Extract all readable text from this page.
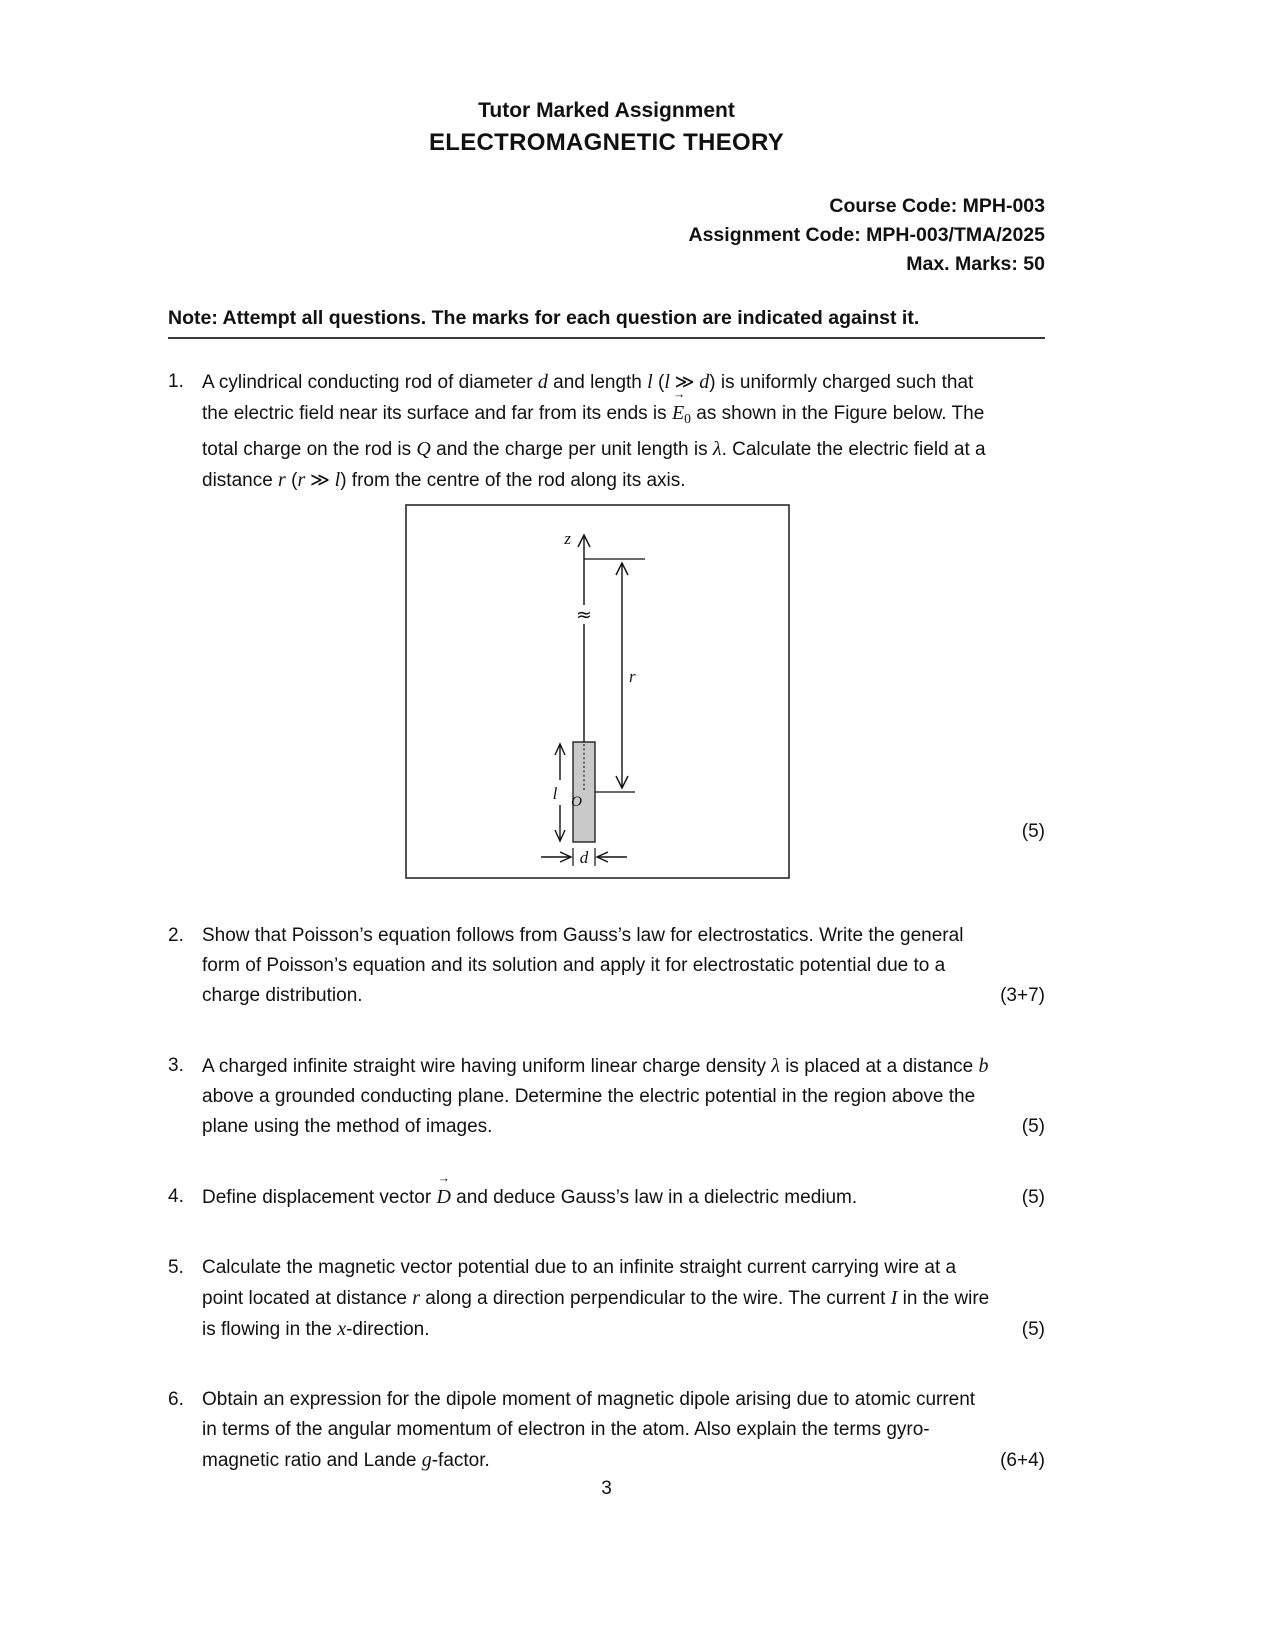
Tutor Marked Assignment
ELECTROMAGNETIC THEORY
Course Code: MPH-003
Assignment Code: MPH-003/TMA/2025
Max. Marks: 50
Note: Attempt all questions. The marks for each question are indicated against it.
1. A cylindrical conducting rod of diameter d and length l (l ≫ d) is uniformly charged such that the electric field near its surface and far from its ends is → $E_0$ as shown in the Figure below. The total charge on the rod is Q and the charge per unit length is λ. Calculate the electric field at a distance r (r ≫ l) from the centre of the rod along its axis.
z
≈
r
O
l
d
(5)
2. Show that Poisson’s equation follows from Gauss’s law for electrostatics. Write the general form of Poisson’s equation and its solution and apply it for electrostatic potential due to a charge distribution.	(3+7)
3. A charged infinite straight wire having uniform linear charge density λ is placed at a distance b above a grounded conducting plane. Determine the electric potential in the region above the plane using the method of images.	(5)
4. Define displacement vector → D and deduce Gauss’s law in a dielectric medium.	(5)
5. Calculate the magnetic vector potential due to an infinite straight current carrying wire at a point located at distance r along a direction perpendicular to the wire. The current I in the wire is flowing in the x-direction.	(5)
6. Obtain an expression for the dipole moment of magnetic dipole arising due to atomic current in terms of the angular momentum of electron in the atom. Also explain the terms gyro-magnetic ratio and Lande g-factor.	(6+4)
3
